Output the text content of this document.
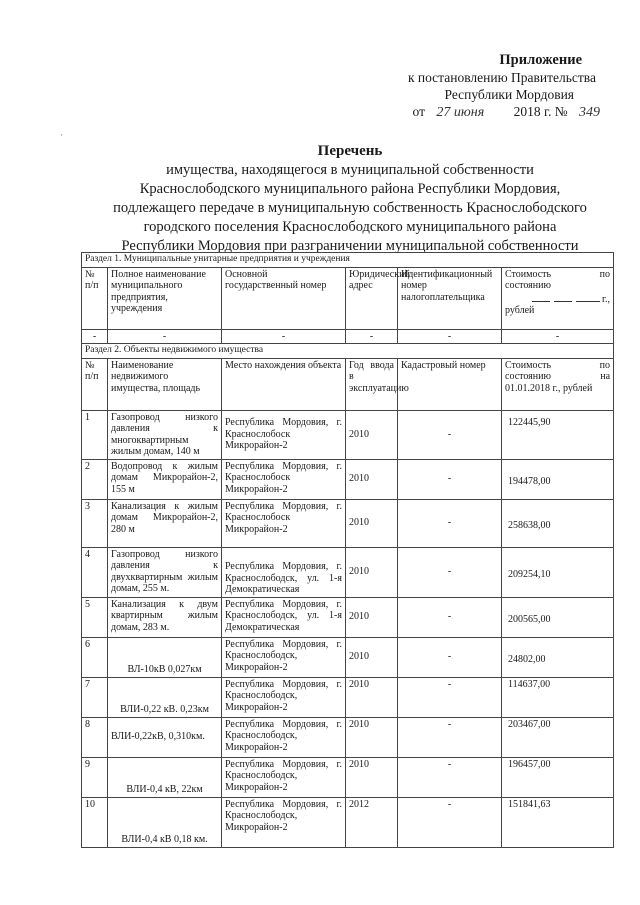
Приложение
к постановлению Правительства
Республики Мордовия
от 27 июня 2018 г. № 349
Перечень
имущества, находящегося в муниципальной собственности
Краснослободского муниципального района Республики Мордовия,
подлежащего передаче в муниципальную собственность Краснослободского
городского поселения Краснослободского муниципального района
Республики Мордовия при разграничении муниципальной собственности
·
Раздел 1. Муниципальные унитарные предприятия и учреждения					
№ п/п	Полное наименование муниципального предприятия, учреждения	Основной государственный номер	Юридический адрес	Идентификационный номер налогоплательщика	Стоимость по
состоянию
г.,
рублей

-	-	-	-	-	-
Раздел 2. Объекты недвижимого имущества					
№ п/п	Наименование недвижимого имущества, площадь	Место нахождения объекта	Год ввода в эксплуатацию	Кадастровый номер	Стоимость по состоянию на 01.01.2018 г., рублей
1	Газопровод низкого давления к многоквартирным жилым домам, 140 м	Республика Мордовия, г. Краснослобоск Микрорайон-2	2010	-	122445,90
2	Водопровод к жилым домам Микрорайон-2, 155 м	Республика Мордовия, г. Краснослобоск Микрорайон-2	2010	-	194478,00
3	Канализация к жилым домам Микрорайон-2, 280 м	Республика Мордовия, г. Краснослобоск Микрорайон-2	2010	-	258638,00
4	Газопровод низкого давления к двухквартирным жилым домам, 255 м.	Республика Мордовия, г. Краснослободск, ул. 1-я Демократическая	2010	-	209254,10
5	Канализация к двум квартирным жилым домам, 283 м.	Республика Мордовия, г. Краснослободск, ул. 1-я Демократическая	2010	-	200565,00
6	ВЛ-10кВ 0,027км	Республика Мордовия, г. Краснослободск, Микрорайон-2	2010	-	24802,00
7	ВЛИ-0,22 кВ. 0,23км	Республика Мордовия, г. Краснослободск, Микрорайон-2	2010	-	114637,00
8	ВЛИ-0,22кВ, 0,310км.	Республика Мордовия, г. Краснослободск, Микрорайон-2	2010	-	203467,00
9	ВЛИ-0,4 кВ, 22км	Республика Мордовия, г. Краснослободск, Микрорайон-2	2010	-	196457,00
10	ВЛИ-0,4 кВ 0,18 км.	Республика Мордовия, г. Краснослободск, Микрорайон-2	2012	-	151841,63
